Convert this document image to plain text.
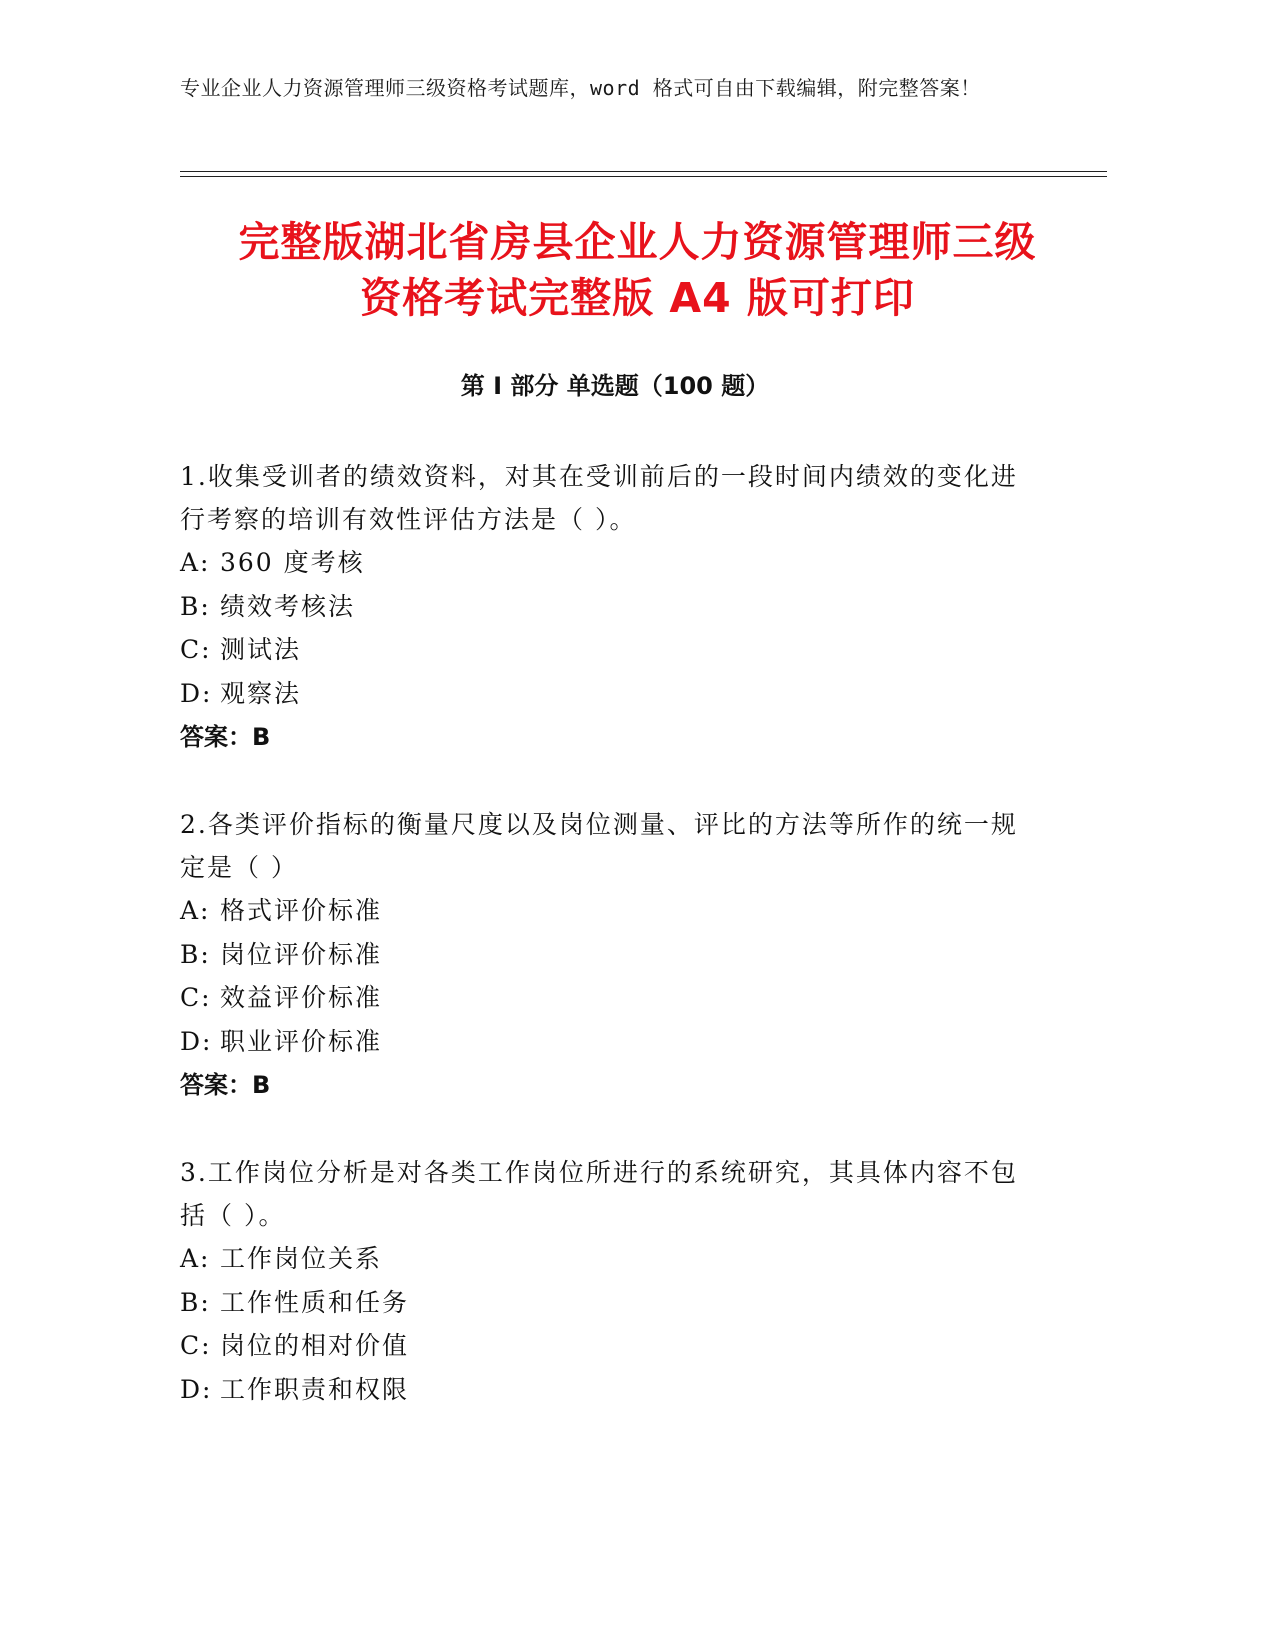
专业企业人力资源管理师三级资格考试题库，word 格式可自由下载编辑，附完整答案！
完整版湖北省房县企业人力资源管理师三级
资格考试完整版 A4 版可打印
第 I 部分 单选题（100 题）
1.收集受训者的绩效资料，对其在受训前后的一段时间内绩效的变化进行考察的培训有效性评估方法是（ ）。
A: 360 度考核
B: 绩效考核法
C: 测试法
D: 观察法
答案：B
2.各类评价指标的衡量尺度以及岗位测量、评比的方法等所作的统一规定是（ ）
A: 格式评价标准
B: 岗位评价标准
C: 效益评价标准
D: 职业评价标准
答案：B
3.工作岗位分析是对各类工作岗位所进行的系统研究，其具体内容不包括（ ）。
A: 工作岗位关系
B: 工作性质和任务
C: 岗位的相对价值
D: 工作职责和权限
